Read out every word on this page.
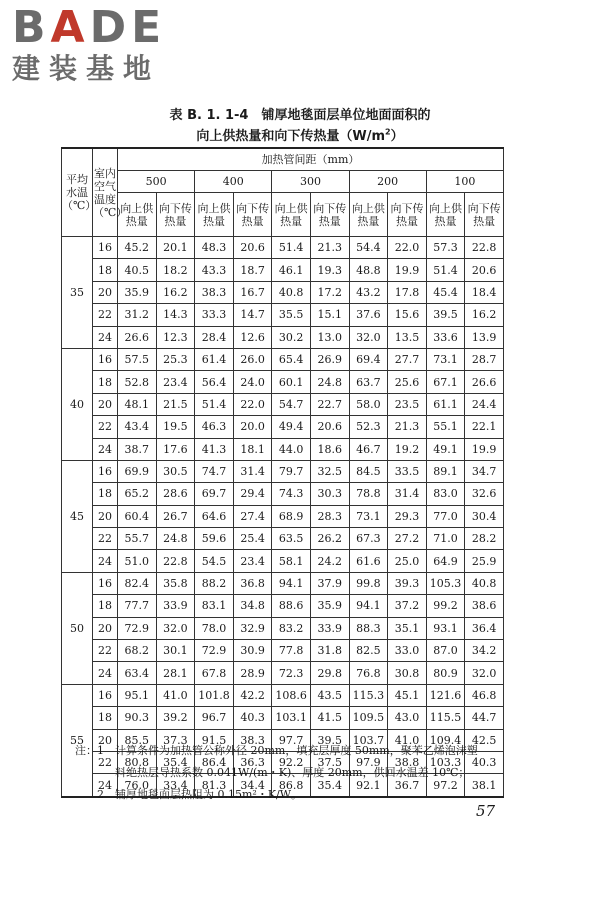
BADE
建装基地
表 B. 1. 1-4　铺厚地毯面层单位地面面积的
向上供热量和向下传热量$(W/m^2)$
平均水温（℃）	室内空气温度（℃）	加热管间距（mm）									
		500		400		300		200		100	
		向上供热量	向下传热量	向上供热量	向下传热量	向上供热量	向下传热量	向上供热量	向下传热量	向上供热量	向下传热量
35	16	45.2	20.1	48.3	20.6	51.4	21.3	54.4	22.0	57.3	22.8
	18	40.5	18.2	43.3	18.7	46.1	19.3	48.8	19.9	51.4	20.6
	20	35.9	16.2	38.3	16.7	40.8	17.2	43.2	17.8	45.4	18.4
	22	31.2	14.3	33.3	14.7	35.5	15.1	37.6	15.6	39.5	16.2
	24	26.6	12.3	28.4	12.6	30.2	13.0	32.0	13.5	33.6	13.9
40	16	57.5	25.3	61.4	26.0	65.4	26.9	69.4	27.7	73.1	28.7
	18	52.8	23.4	56.4	24.0	60.1	24.8	63.7	25.6	67.1	26.6
	20	48.1	21.5	51.4	22.0	54.7	22.7	58.0	23.5	61.1	24.4
	22	43.4	19.5	46.3	20.0	49.4	20.6	52.3	21.3	55.1	22.1
	24	38.7	17.6	41.3	18.1	44.0	18.6	46.7	19.2	49.1	19.9
45	16	69.9	30.5	74.7	31.4	79.7	32.5	84.5	33.5	89.1	34.7
	18	65.2	28.6	69.7	29.4	74.3	30.3	78.8	31.4	83.0	32.6
	20	60.4	26.7	64.6	27.4	68.9	28.3	73.1	29.3	77.0	30.4
	22	55.7	24.8	59.6	25.4	63.5	26.2	67.3	27.2	71.0	28.2
	24	51.0	22.8	54.5	23.4	58.1	24.2	61.6	25.0	64.9	25.9
50	16	82.4	35.8	88.2	36.8	94.1	37.9	99.8	39.3	105.3	40.8
	18	77.7	33.9	83.1	34.8	88.6	35.9	94.1	37.2	99.2	38.6
	20	72.9	32.0	78.0	32.9	83.2	33.9	88.3	35.1	93.1	36.4
	22	68.2	30.1	72.9	30.9	77.8	31.8	82.5	33.0	87.0	34.2
	24	63.4	28.1	67.8	28.9	72.3	29.8	76.8	30.8	80.9	32.0
55	16	95.1	41.0	101.8	42.2	108.6	43.5	115.3	45.1	121.6	46.8
	18	90.3	39.2	96.7	40.3	103.1	41.5	109.5	43.0	115.5	44.7
	20	85.5	37.3	91.5	38.3	97.7	39.5	103.7	41.0	109.4	42.5
	22	80.8	35.4	86.4	36.3	92.2	37.5	97.9	38.8	103.3	40.3
	24	76.0	33.4	81.3	34.4	86.8	35.4	92.1	36.7	97.2	38.1
注：1　 计算条件为加热管公称外径 20mm，填充层厚度 50mm，聚苯乙烯泡沫塑
料绝热层导热系数 0.041W/(m・K)、厚度 20mm，供回水温差 10℃；
　　2　 铺厚地毯面层热阻为 0.15m²・K/W。
57
